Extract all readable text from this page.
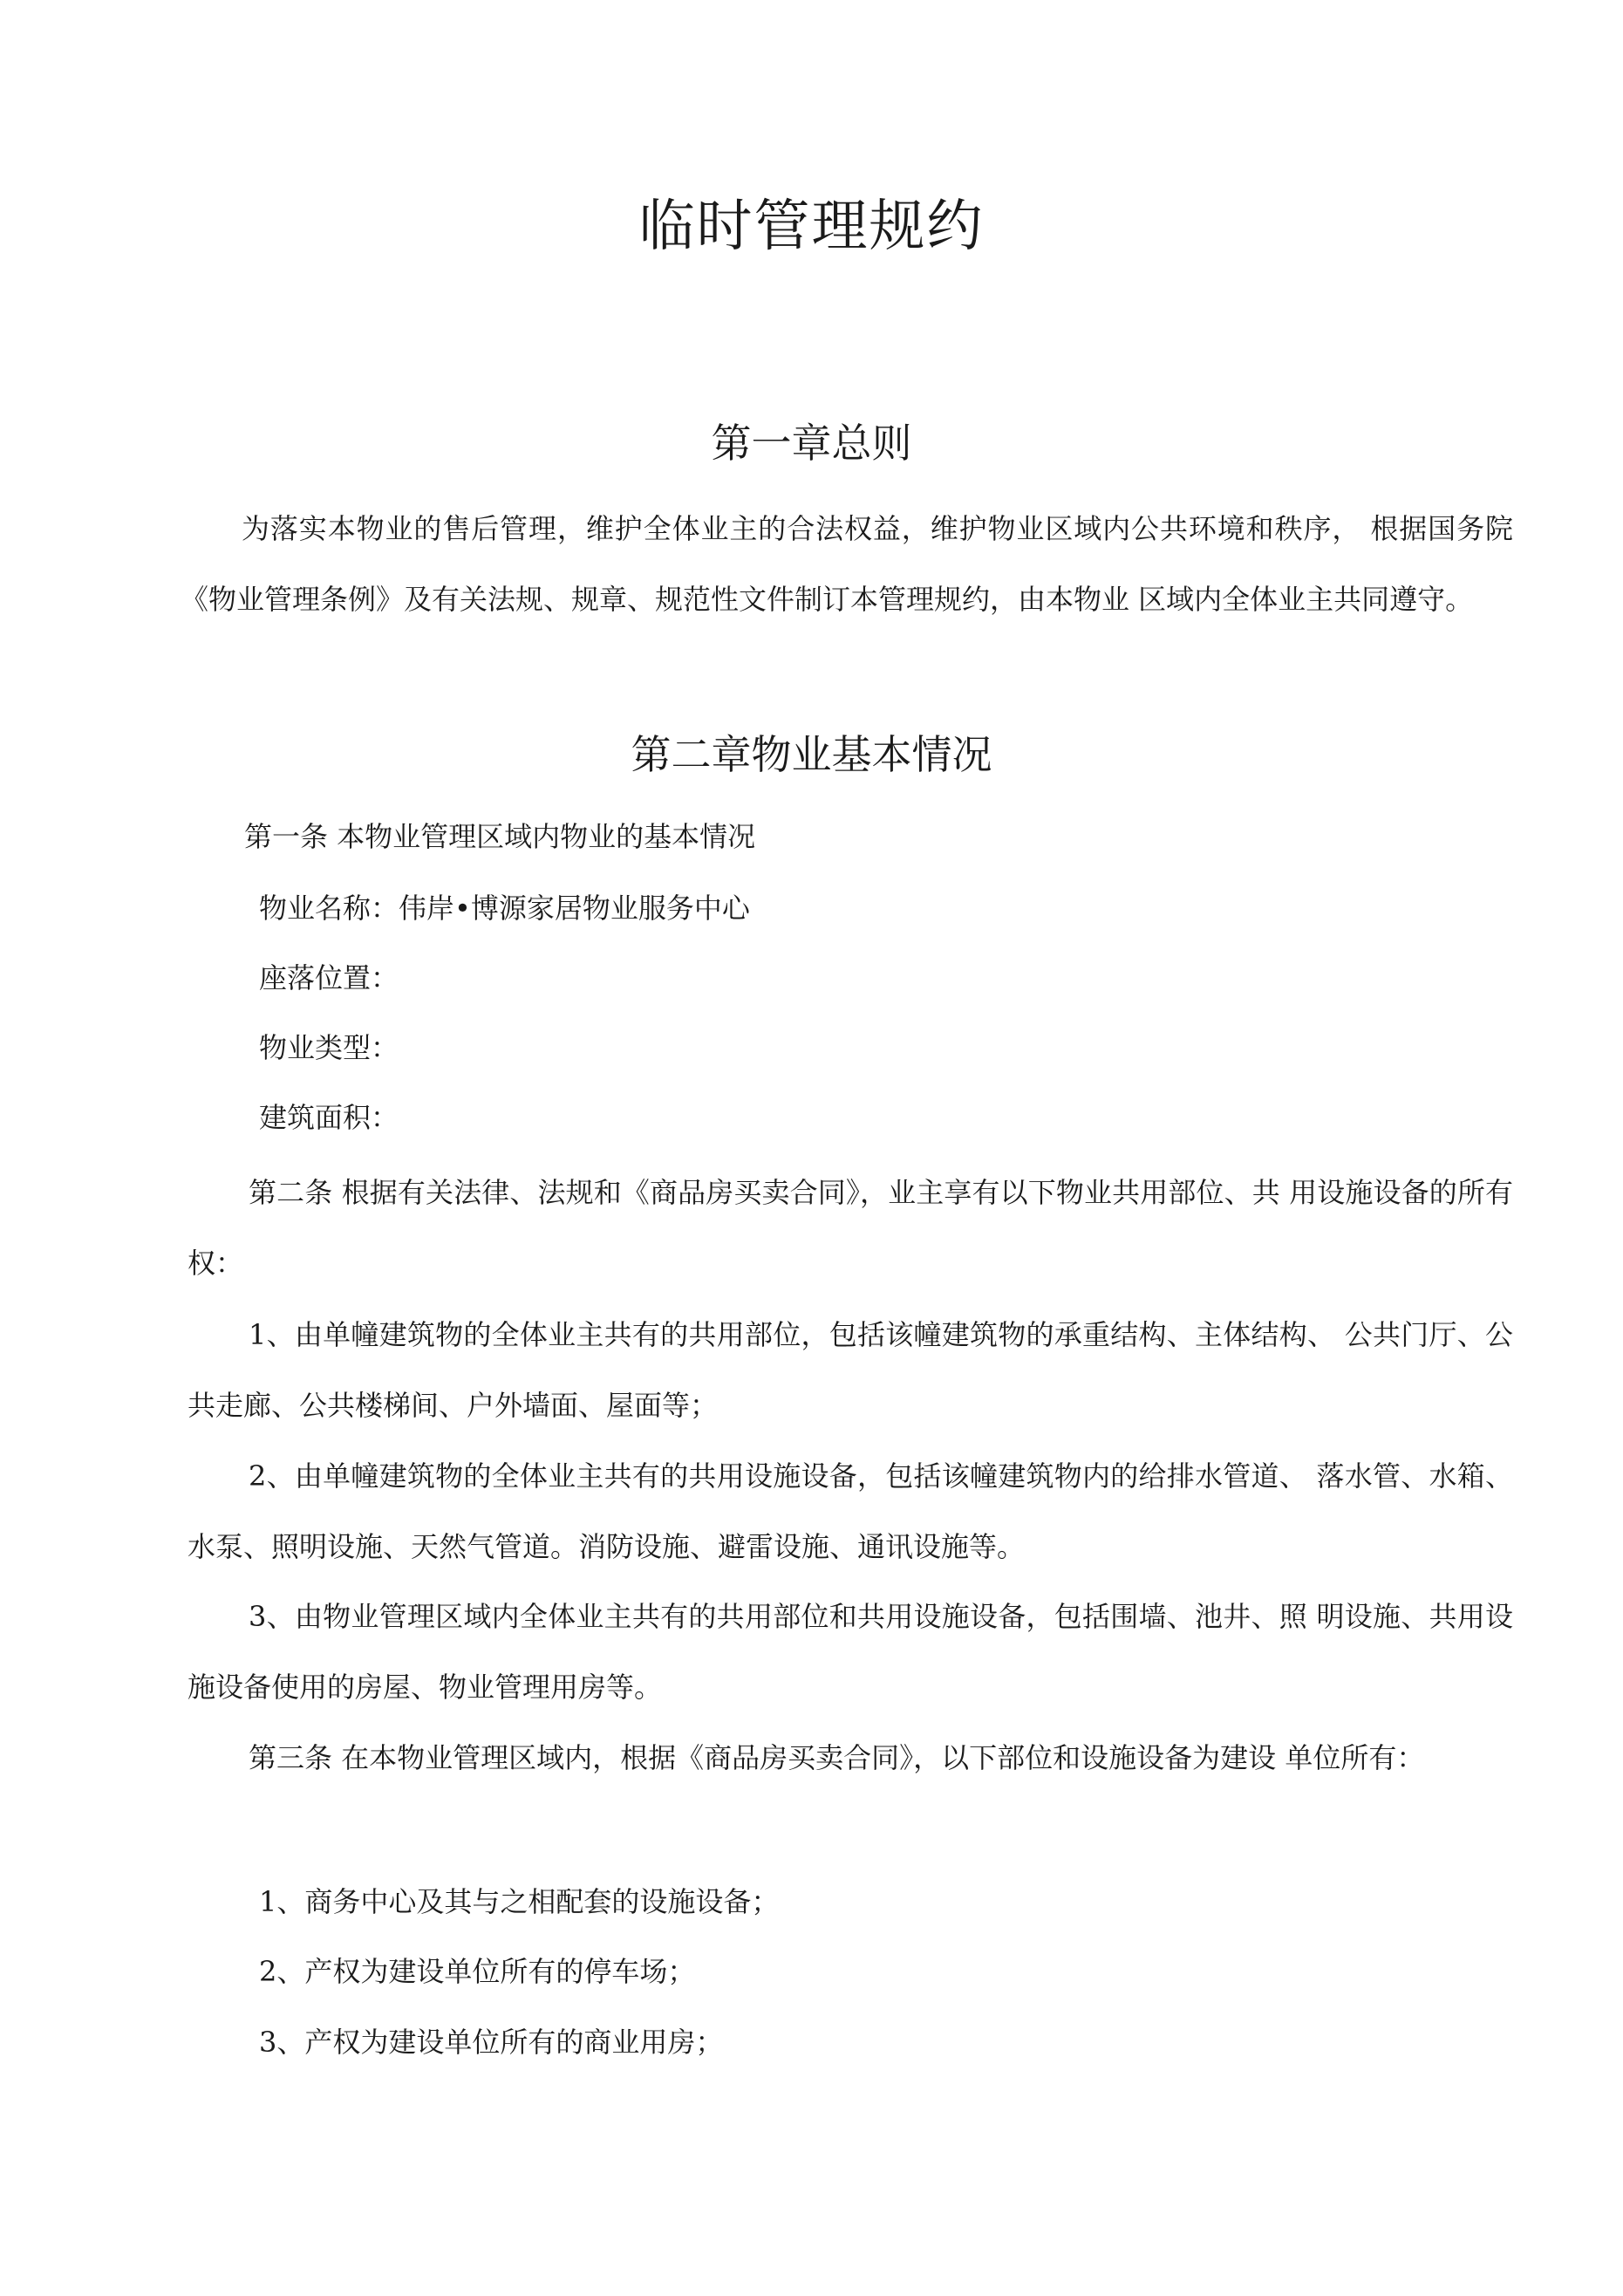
临时管理规约
第一章总则

为落实本物业的售后管理，维护全体业主的合法权益，维护物业区域内公共环境和秩序， 根据国务院《物业管理条例》及有关法规、规章、规范性文件制订本管理规约，由本物业 区域内全体业主共同遵守。

第二章物业基本情况

第一条 本物业管理区域内物业的基本情况

物业名称：伟岸•博源家居物业服务中心

座落位置：

物业类型：

建筑面积：

第二条 根据有关法律、法规和《商品房买卖合同》，业主享有以下物业共用部位、共 用设施设备的所有权：

1、由单幢建筑物的全体业主共有的共用部位，包括该幢建筑物的承重结构、主体结构、 公共门厅、公共走廊、公共楼梯间、户外墙面、屋面等；

2、由单幢建筑物的全体业主共有的共用设施设备，包括该幢建筑物内的给排水管道、 落水管、水箱、水泵、照明设施、天然气管道。消防设施、避雷设施、通讯设施等。

3、由物业管理区域内全体业主共有的共用部位和共用设施设备，包括围墙、池井、照 明设施、共用设施设备使用的房屋、物业管理用房等。

第三条 在本物业管理区域内，根据《商品房买卖合同》，以下部位和设施设备为建设 单位所有：

1、商务中心及其与之相配套的设施设备；

2、产权为建设单位所有的停车场；

3、产权为建设单位所有的商业用房；
